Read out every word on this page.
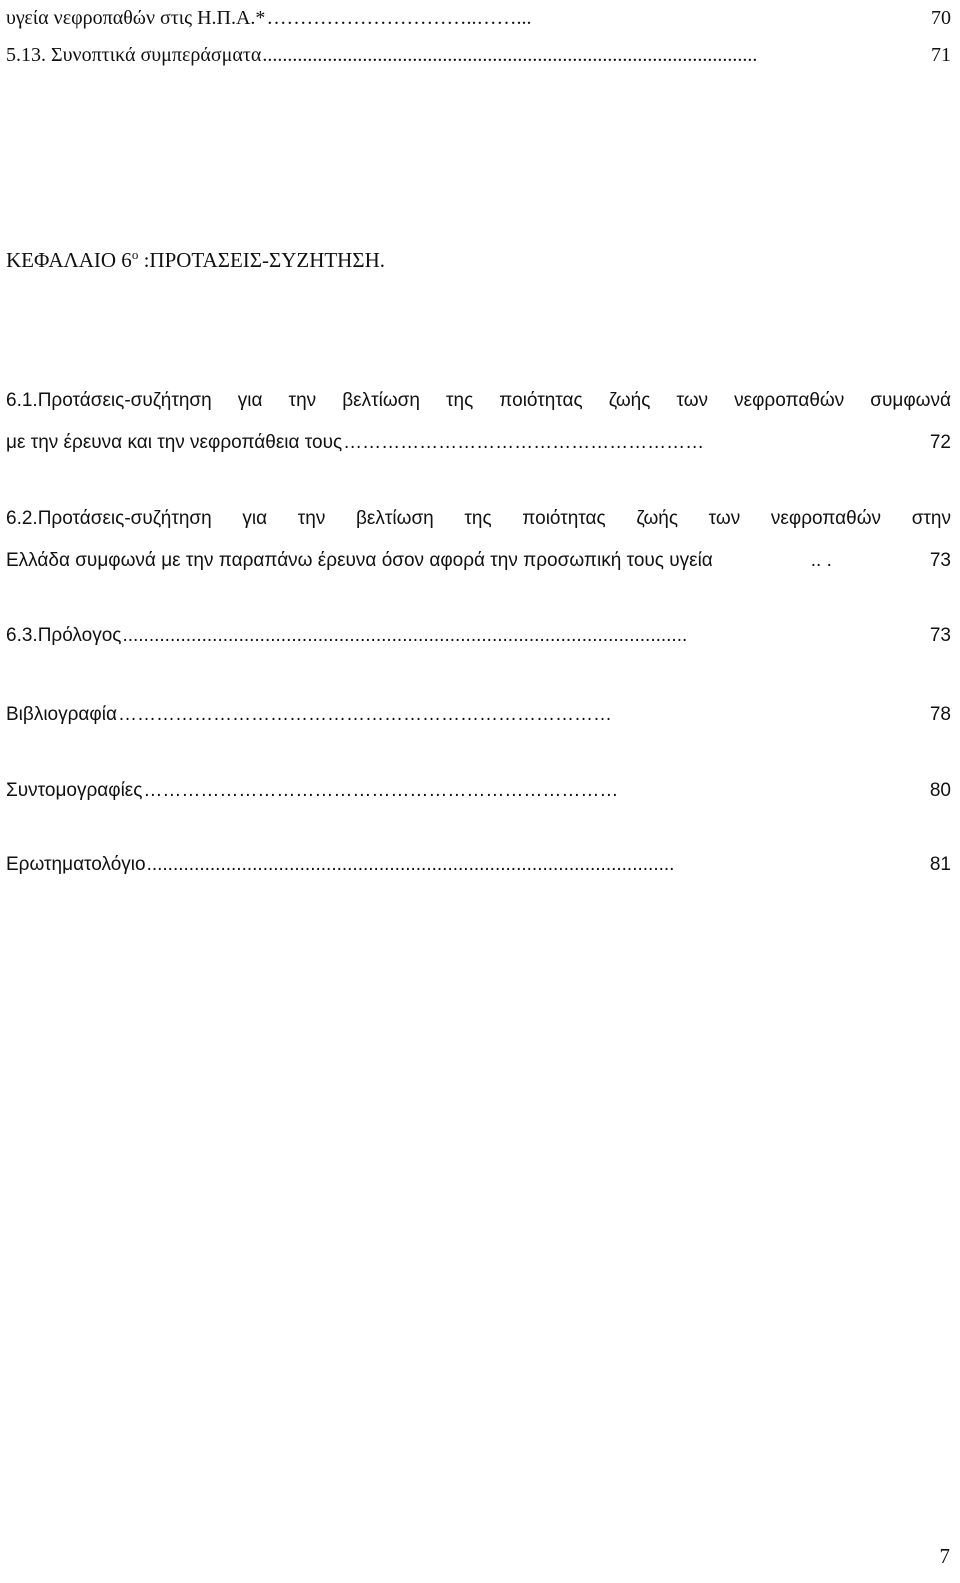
υγεία νεφροπαθών στις Η.Π.Α.* …………………………..……...	70
5.13. Συνοπτικά συμπεράσματα ...................................................................................................	71
ΚΕΦΑΛΑΙΟ $6^o$ :ΠΡΟΤΑΣΕΙΣ-ΣΥΖΗΤΗΣΗ.
6.1.Προτάσεις-συζήτηση για την βελτίωση της ποιότητας ζωής των νεφροπαθών συμφωνά
με την έρευνα και την νεφροπάθεια τους …………………………………………………	72
6.2.Προτάσεις-συζήτηση για την βελτίωση της ποιότητας ζωής των νεφροπαθών στην
Ελλάδα συμφωνά με την παραπάνω έρευνα όσον αφορά την προσωπική τους υγεία	.. .	73
6.3.Πρόλογος ...........................................................................................................	73
Βιβλιογραφία ……………………………………………………………………	78
Συντομογραφίες …………………………………………………………………	80
Ερωτηματολόγιο ....................................................................................................	81
7
